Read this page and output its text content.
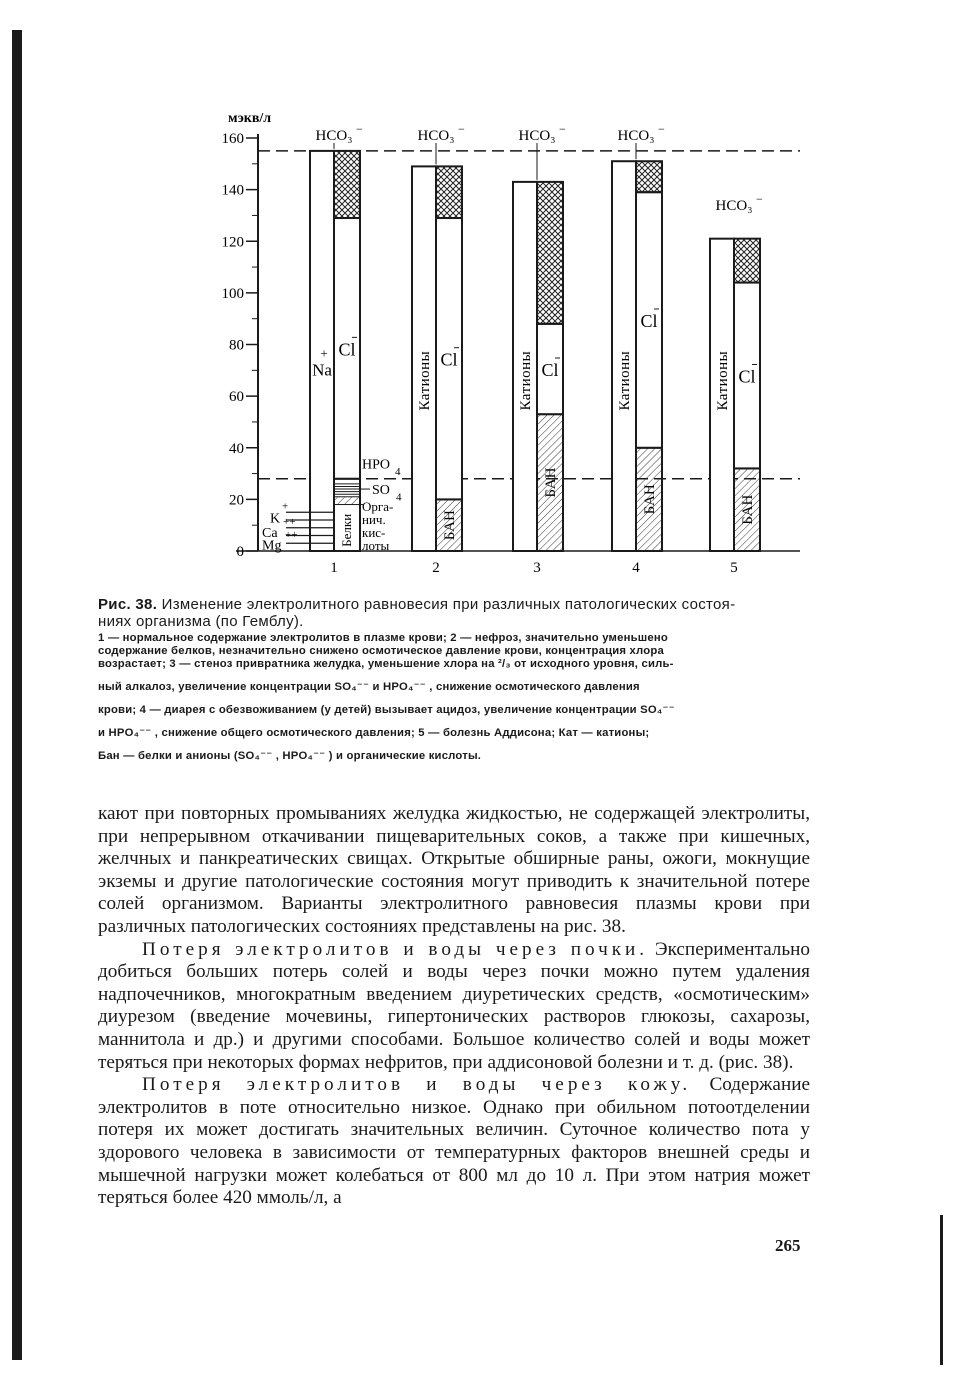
мэкв/л
0
20
40
60
80
100
120
140
160
1
HCO₃ −
Cl
2
HCO₃ −
Cl
БАН
Катионы
3
HCO₃ −
Cl
БАН
Катионы
4
HCO₃ −
Cl
БАН
Катионы
5
HCO₃ −
Cl
БАН
Катионы
Na
+
K
+
Ca
++
Mg
++	Белки
HPO 4
SO 4
Орга-
нич.
кис-
лоты
Рис. 38. Изменение электролитного равновесия при различных патологических состоя-
ниях организма (по Гемблу).
1 — нормальное содержание электролитов в плазме крови; 2 — нефроз, значительно уменьшено
содержание белков, незначительно снижено осмотическое давление крови, концентрация хлора
возрастает; 3 — стеноз привратника желудка, уменьшение хлора на ²/₃ от исходного уровня, силь-
ный алкалоз, увеличение концентрации SO₄⁻⁻ и HPO₄⁻⁻ , снижение осмотического давления
крови; 4 — диарея с обезвоживанием (у детей) вызывает ацидоз, увеличение концентрации SO₄⁻⁻
и HPO₄⁻⁻ , снижение общего осмотического давления; 5 — болезнь Аддисона; Кат — катионы;
Бан — белки и анионы (SO₄⁻⁻ , HPO₄⁻⁻ ) и органические кислоты.

кают при повторных промываниях желудка жидкостью, не содержащей электролиты, при непрерывном откачивании пищеварительных соков, а также при кишечных, желчных и панкреатических свищах. Открытые обширные раны, ожоги, мокнущие экземы и другие патологические состояния могут приводить к значительной потере солей организмом. Варианты электролитного равновесия плазмы крови при различных патологических состояниях представлены на рис. 38.

Потеря электролитов и воды через почки. Экспериментально добиться больших потерь солей и воды через почки можно путем удаления надпочечников, многократным введением диуретических средств, «осмотическим» диурезом (введение мочевины, гипертонических растворов глюкозы, сахарозы, маннитола и др.) и другими способами. Большое количество солей и воды может теряться при некоторых формах нефритов, при аддисоновой болезни и т. д. (рис. 38).

Потеря электролитов и воды через кожу. Содержание электролитов в поте относительно низкое. Однако при обильном потоотделении потеря их может достигать значительных величин. Суточное количество пота у здорового человека в зависимости от температурных факторов внешней среды и мышечной нагрузки может колебаться от 800 мл до 10 л. При этом натрия может теряться более 420 ммоль/л, а

265
